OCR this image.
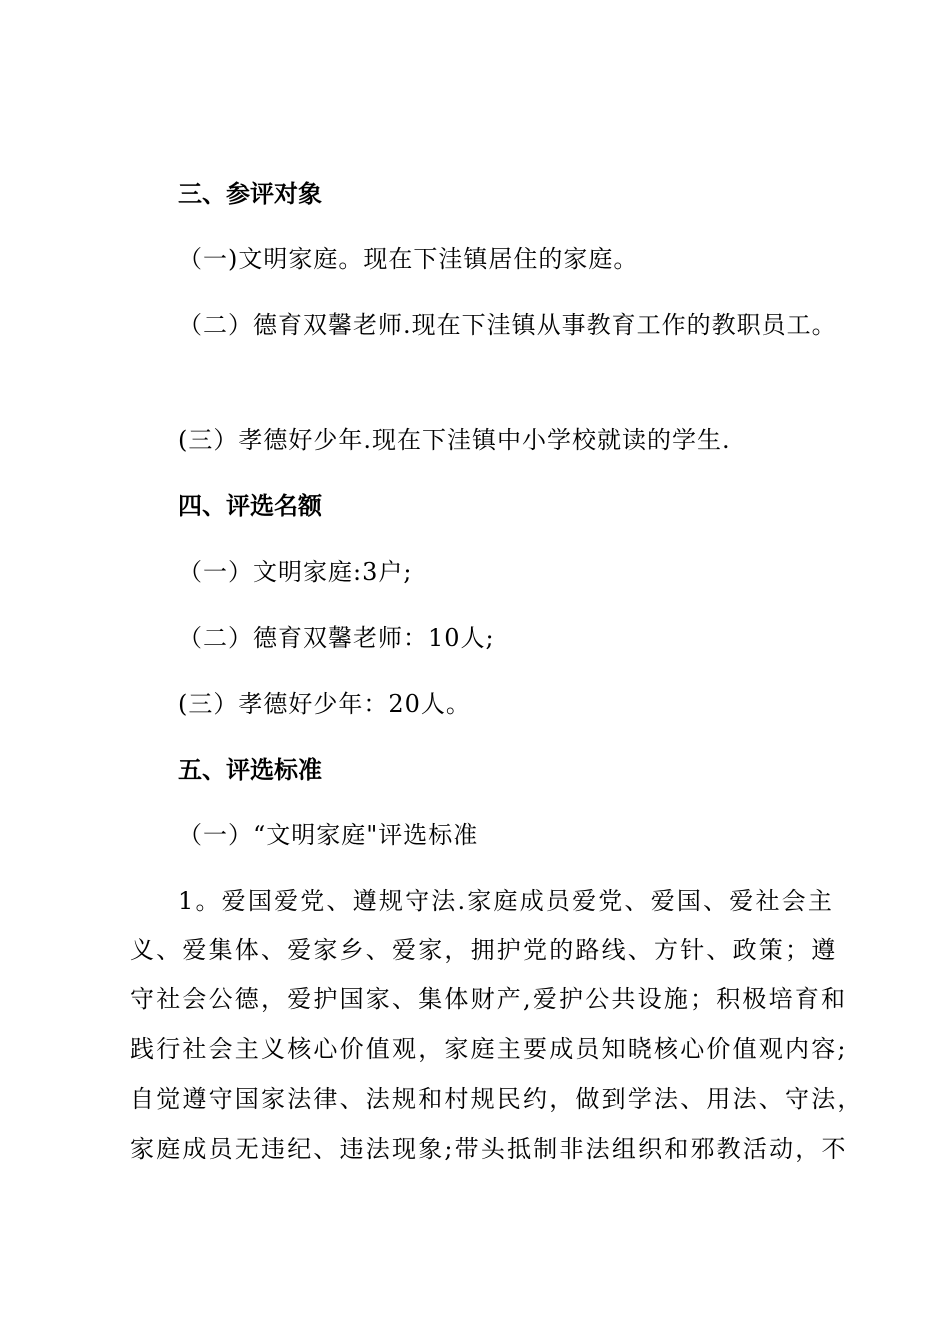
三、参评对象
（一)文明家庭。现在下洼镇居住的家庭。
（二）德育双馨老师.现在下洼镇从事教育工作的教职员工。
(三）孝德好少年.现在下洼镇中小学校就读的学生.
四、评选名额
（一）文明家庭:3户;
（二）德育双馨老师：10人;
(三）孝德好少年：20人。
五、评选标准
（一）“文明家庭"评选标准
1。爱国爱党、遵规守法.家庭成员爱党、爱国、爱社会主
义、爱集体、爱家乡、爱家，拥护党的路线、方针、政策；遵
守社会公德，爱护国家、集体财产,爱护公共设施；积极培育和
践行社会主义核心价值观，家庭主要成员知晓核心价值观内容;
自觉遵守国家法律、法规和村规民约，做到学法、用法、守法，
家庭成员无违纪、违法现象;带头抵制非法组织和邪教活动，不
